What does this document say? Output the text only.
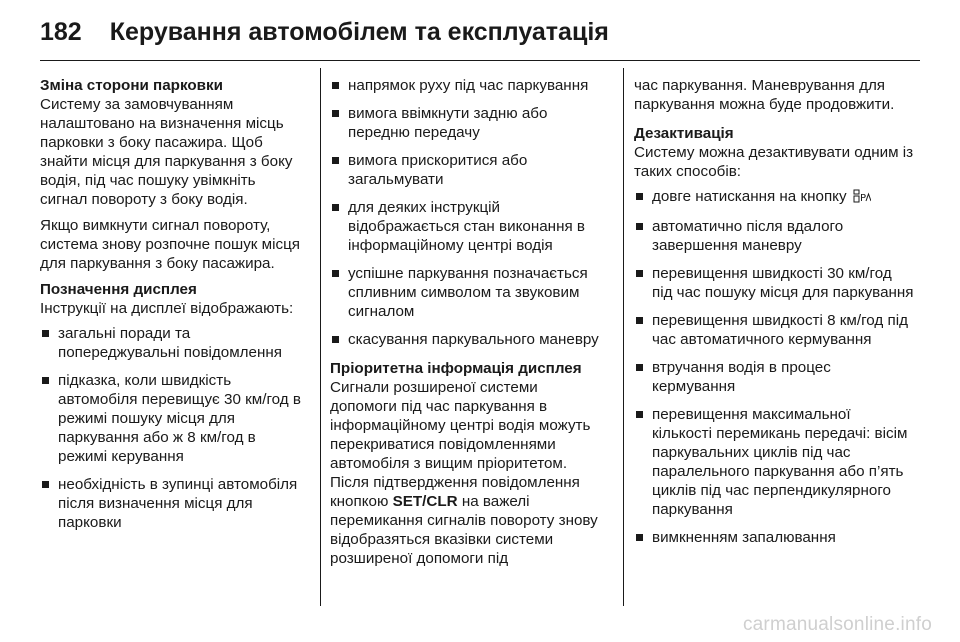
182 Керування автомобілем та експлуатація
Зміна сторони парковки

Систему за замовчуванням налаштовано на визначення місць парковки з боку пасажира. Щоб знайти місця для паркування з боку водія, під час пошуку увімкніть сигнал повороту з боку водія.

Якщо вимкнути сигнал повороту, система знову розпочне пошук місця для паркування з боку пасажира.

Позначення дисплея

Інструкції на дисплеї відображають:

загальні поради та попереджувальні повідомлення
підказка, коли швидкість автомобіля перевищує 30 км/год в режимі пошуку місця для паркування або ж 8 км/год в режимі керування
необхідність в зупинці автомобіля після визначення місця для парковки
напрямок руху під час паркування
вимога ввімкнути задню або передню передачу
вимога прискоритися або загальмувати
для деяких інструкцій відображається стан виконання в інформаційному центрі водія
успішне паркування позначається спливним символом та звуковим сигналом
скасування паркувального маневру
Пріоритетна інформація дисплея

Сигнали розширеної системи допомоги під час паркування в інформаційному центрі водія можуть перекриватися повідомленнями автомобіля з вищим пріоритетом. Після підтвердження повідомлення кнопкою SET/CLR на важелі перемикання сигналів повороту знову відобразяться вказівки системи розширеної допомоги під

час паркування. Маневрування для паркування можна буде продовжити.

Дезактивація

Систему можна дезактивувати одним із таких способів:

довге натискання на кнопку P
автоматично після вдалого завершення маневру
перевищення швидкості 30 км/год під час пошуку місця для паркування
перевищення швидкості 8 км/год під час автоматичного кермування
втручання водія в процес кермування
перевищення максимальної кількості перемикань передачі: вісім паркувальних циклів під час паралельного паркування або п’ять циклів під час перпендикулярного паркування
вимкненням запалювання
carmanualsonline.info
